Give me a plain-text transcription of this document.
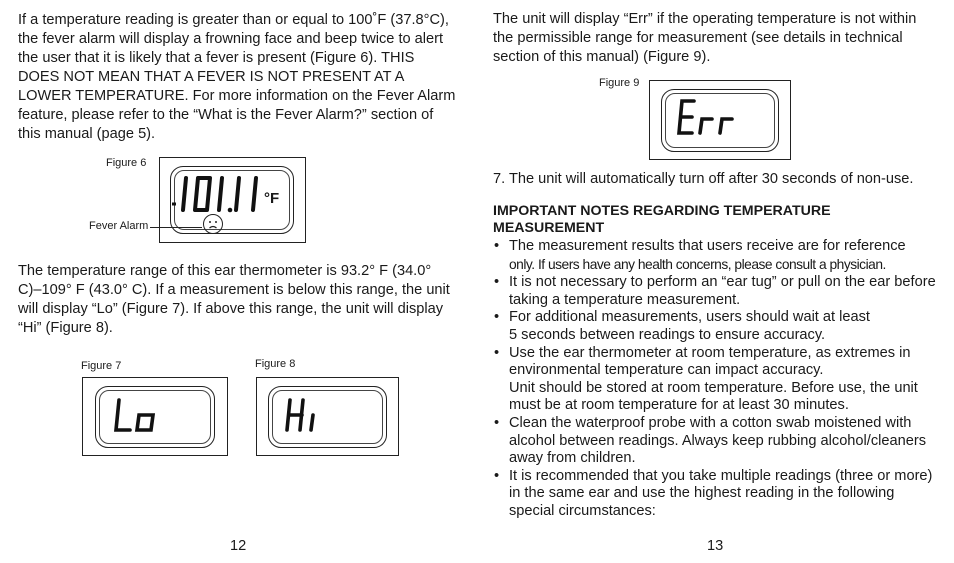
If a temperature reading is greater than or equal to 100˚F (37.8°C), the fever alarm will display a frowning face and beep twice to alert the user that it is likely that a fever is present (Figure 6). THIS DOES NOT MEAN THAT A FEVER IS NOT PRESENT AT A LOWER TEMPERATURE. For more information on the Fever Alarm feature, please refer to the “What is the Fever Alarm?” section of this manual (page 5).

Figure 6
°F
Fever Alarm

The temperature range of this ear thermometer is 93.2° F (34.0° C)–109° F (43.0° C). If a measurement is below this range, the unit will display “Lo” (Figure 7). If above this range, the unit will display “Hi” (Figure 8).

Figure 7	Figure 8
12

The unit will display “Err” if the operating temperature is not within the permissible range for measurement (see details in technical section of this manual) (Figure 9).

Figure 9

7. The unit will automatically turn off after 30 seconds of non-use.

IMPORTANT NOTES REGARDING TEMPERATURE MEASUREMENT
• The measurement results that users receive are for reference
only. If users have any health concerns, please consult a physician.
• It is not necessary to perform an “ear tug” or pull on the ear before taking a temperature measurement.
• For additional measurements, users should wait at least
5 seconds between readings to ensure accuracy.
• Use the ear thermometer at room temperature, as extremes in environmental temperature can impact accuracy.
Unit should be stored at room temperature. Before use, the unit must be at room temperature for at least 30 minutes.
• Clean the waterproof probe with a cotton swab moistened with alcohol between readings. Always keep rubbing alcohol/cleaners away from children.
• It is recommended that you take multiple readings (three or more) in the same ear and use the highest reading in the following special circumstances:
13
